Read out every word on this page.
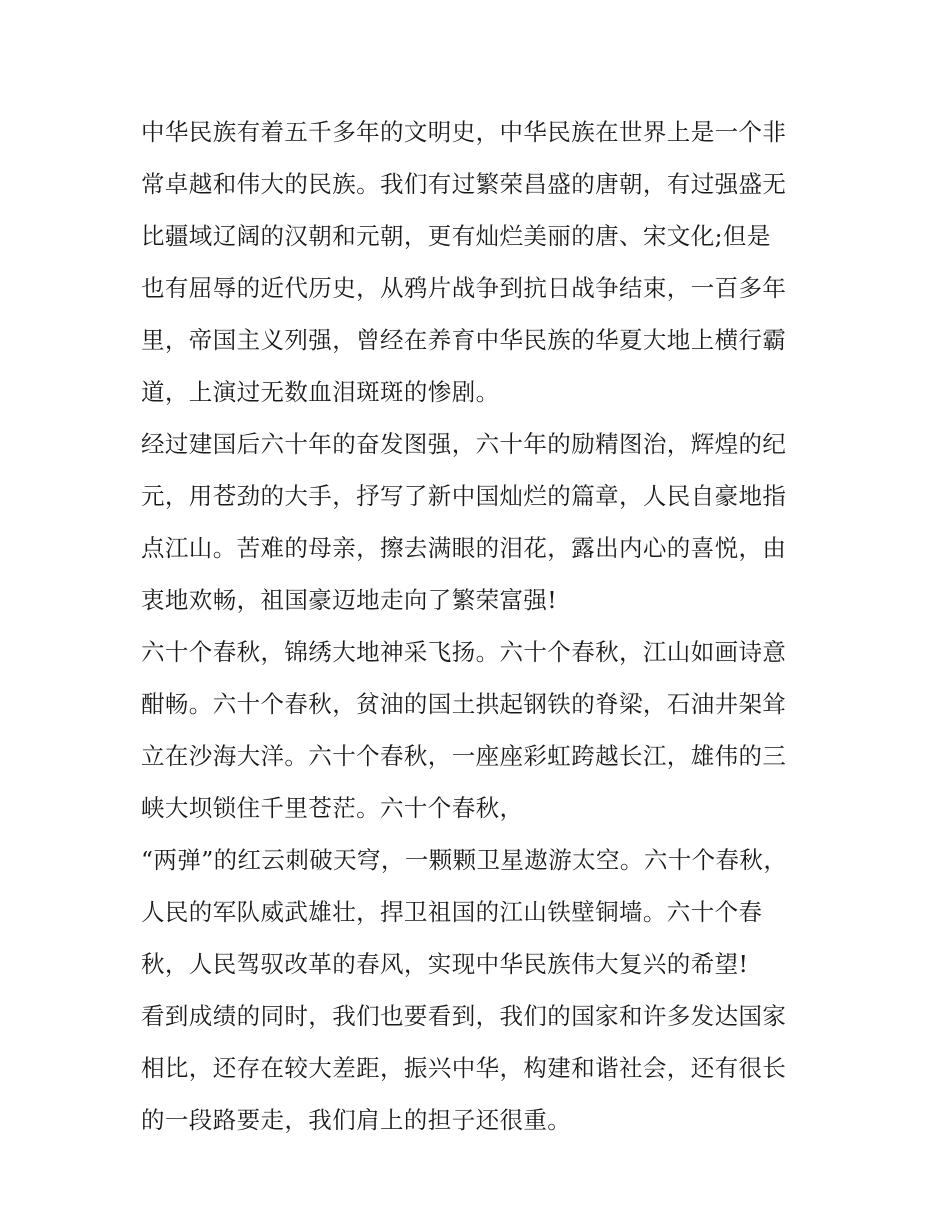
中华民族有着五千多年的文明史，中华民族在世界上是一个非
常卓越和伟大的民族。我们有过繁荣昌盛的唐朝，有过强盛无
比疆域辽阔的汉朝和元朝，更有灿烂美丽的唐、宋文化;但是
也有屈辱的近代历史，从鸦片战争到抗日战争结束，一百多年
里，帝国主义列强，曾经在养育中华民族的华夏大地上横行霸
道，上演过无数血泪斑斑的惨剧。
经过建国后六十年的奋发图强，六十年的励精图治，辉煌的纪
元，用苍劲的大手，抒写了新中国灿烂的篇章，人民自豪地指
点江山。苦难的母亲，擦去满眼的泪花，露出内心的喜悦，由
衷地欢畅，祖国豪迈地走向了繁荣富强!
六十个春秋，锦绣大地神采飞扬。六十个春秋，江山如画诗意
酣畅。六十个春秋，贫油的国土拱起钢铁的脊梁，石油井架耸
立在沙海大洋。六十个春秋，一座座彩虹跨越长江，雄伟的三
峡大坝锁住千里苍茫。六十个春秋，
“两弹”的红云刺破天穹，一颗颗卫星遨游太空。六十个春秋，
人民的军队威武雄壮，捍卫祖国的江山铁壁铜墙。六十个春
秋，人民驾驭改革的春风，实现中华民族伟大复兴的希望!
看到成绩的同时，我们也要看到，我们的国家和许多发达国家
相比，还存在较大差距，振兴中华，构建和谐社会，还有很长
的一段路要走，我们肩上的担子还很重。
